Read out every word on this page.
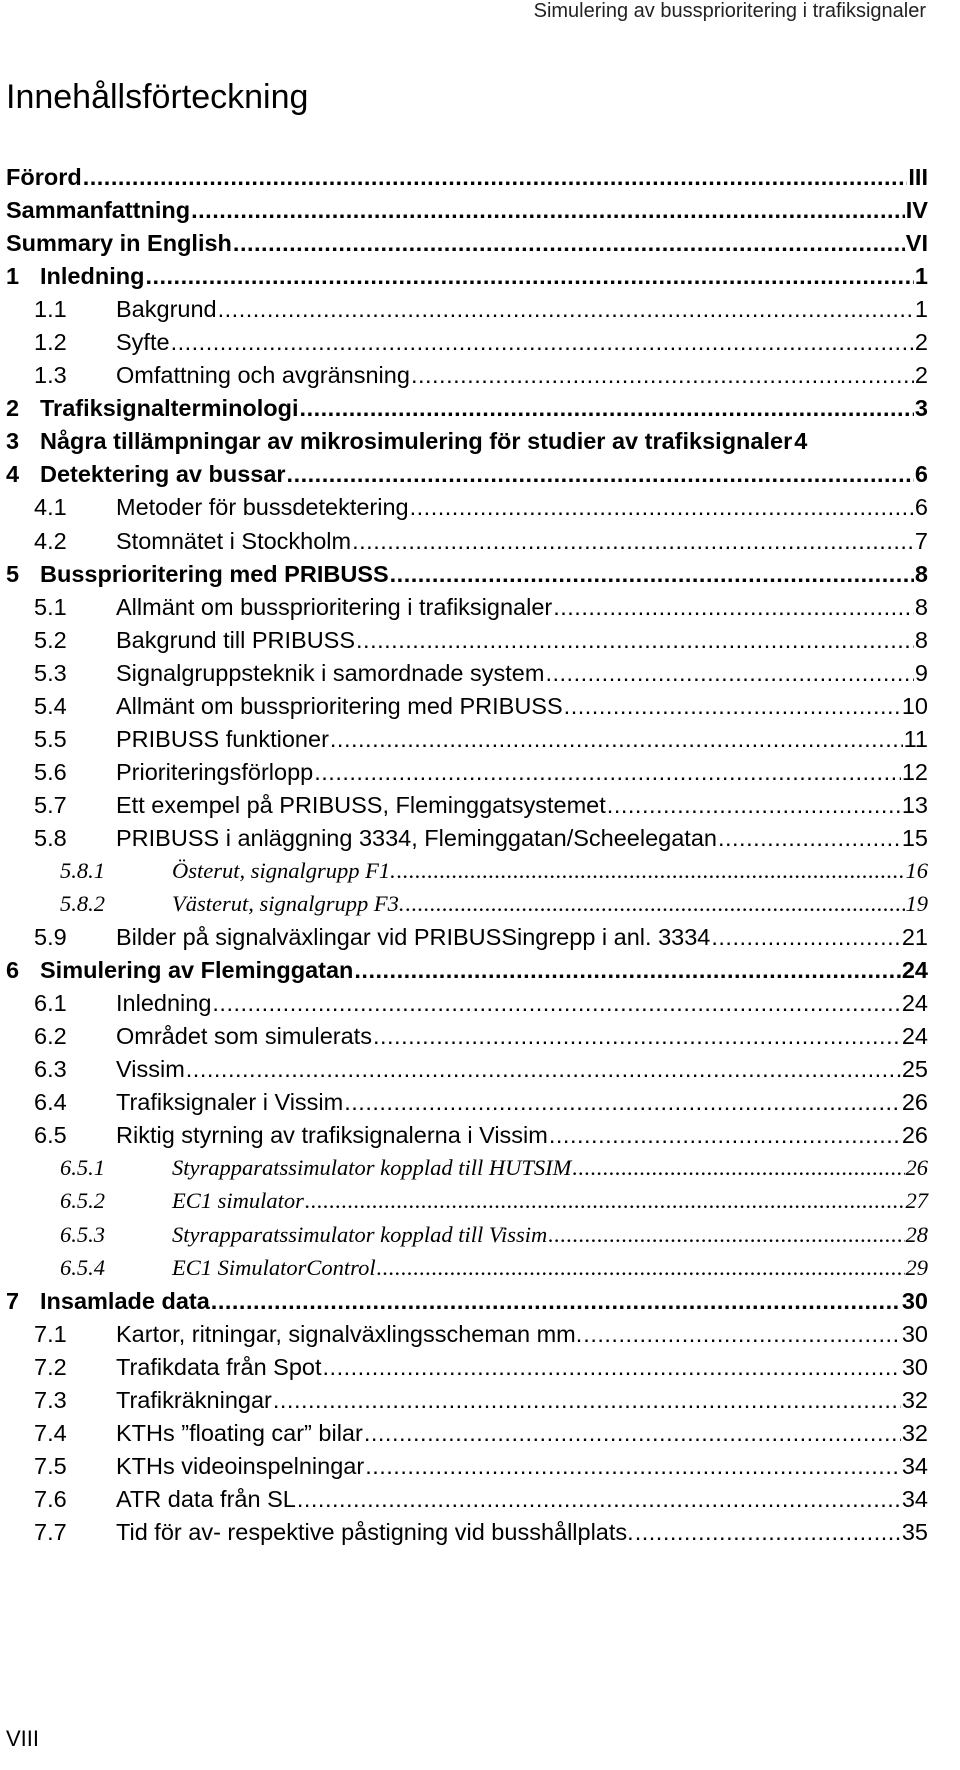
Simulering av bussprioritering i trafiksignaler
Innehållsförteckning
Förord .....	III
Sammanfattning .....	IV
Summary in English .....	VI
1 Inledning .....	1
1.1	Bakgrund .....	1
1.2	Syfte .....	2
1.3	Omfattning och avgränsning .....	2
2 Trafiksignalterminologi .....	3
3 Några tillämpningar av mikrosimulering för studier av trafiksignaler 4
4 Detektering av bussar .....	6
4.1	Metoder för bussdetektering .....	6
4.2	Stomnätet i Stockholm .....	7
5 Bussprioritering med PRIBUSS .....	8
5.1	Allmänt om bussprioritering i trafiksignaler .....	8
5.2	Bakgrund till PRIBUSS .....	8
5.3	Signalgruppsteknik i samordnade system .....	9
5.4	Allmänt om bussprioritering med PRIBUSS .....	10
5.5	PRIBUSS funktioner .....	11
5.6	Prioriteringsförlopp .....	12
5.7	Ett exempel på PRIBUSS, Fleminggatsystemet .....	13
5.8	PRIBUSS i anläggning 3334, Fleminggatan/Scheelegatan .....	15
5.8.1	Österut, signalgrupp F1. .....	16
5.8.2	Västerut, signalgrupp F3. .....	19
5.9	Bilder på signalväxlingar vid PRIBUSSingrepp i anl. 3334 .....	21
6 Simulering av Fleminggatan .....	24
6.1	Inledning .....	24
6.2	Området som simulerats .....	24
6.3	Vissim .....	25
6.4	Trafiksignaler i Vissim .....	26
6.5	Riktig styrning av trafiksignalerna i Vissim .....	26
6.5.1	Styrapparatssimulator kopplad till HUTSIM .....	26
6.5.2	EC1 simulator .....	27
6.5.3	Styrapparatssimulator kopplad till Vissim .....	28
6.5.4	EC1 SimulatorControl .....	29
7 Insamlade data .....	30
7.1	Kartor, ritningar, signalväxlingsscheman mm. .....	30
7.2	Trafikdata från Spot .....	30
7.3	Trafikräkningar .....	32
7.4	KTHs ”floating car” bilar .....	32
7.5	KTHs videoinspelningar .....	34
7.6	ATR data från SL .....	34
7.7	Tid för av- respektive påstigning vid busshållplats. .....	35
VIII
